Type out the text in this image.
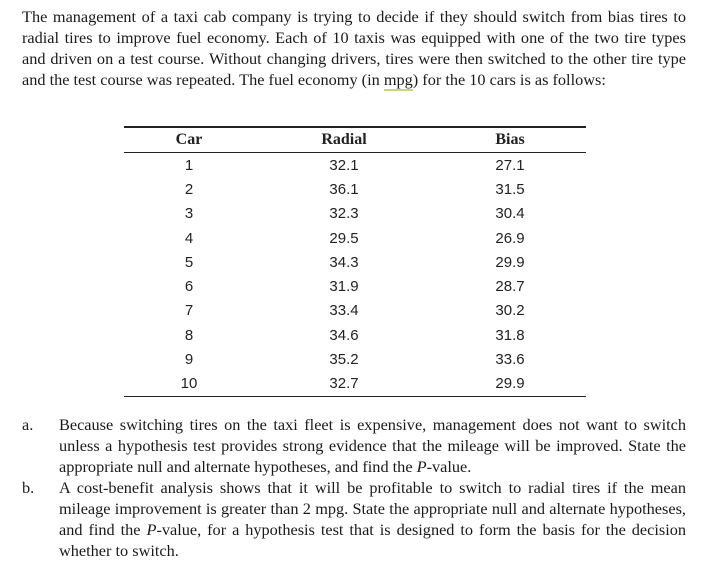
The management of a taxi cab company is trying to decide if they should switch from bias tires to radial tires to improve fuel economy. Each of 10 taxis was equipped with one of the two tire types and driven on a test course. Without changing drivers, tires were then switched to the other tire type and the test course was repeated. The fuel economy (in mpg) for the 10 cars is as follows:
Car	Radial	Bias
1	32.1	27.1
2	36.1	31.5
3	32.3	30.4
4	29.5	26.9
5	34.3	29.9
6	31.9	28.7
7	33.4	30.2
8	34.6	31.8
9	35.2	33.6
10	32.7	29.9
a.	Because switching tires on the taxi fleet is expensive, management does not want to switch unless a hypothesis test provides strong evidence that the mileage will be improved. State the appropriate null and alternate hypotheses, and find the P-value.
b.	A cost-benefit analysis shows that it will be profitable to switch to radial tires if the mean mileage improvement is greater than 2 mpg. State the appropriate null and alternate hypotheses, and find the P-value, for a hypothesis test that is designed to form the basis for the decision whether to switch.
